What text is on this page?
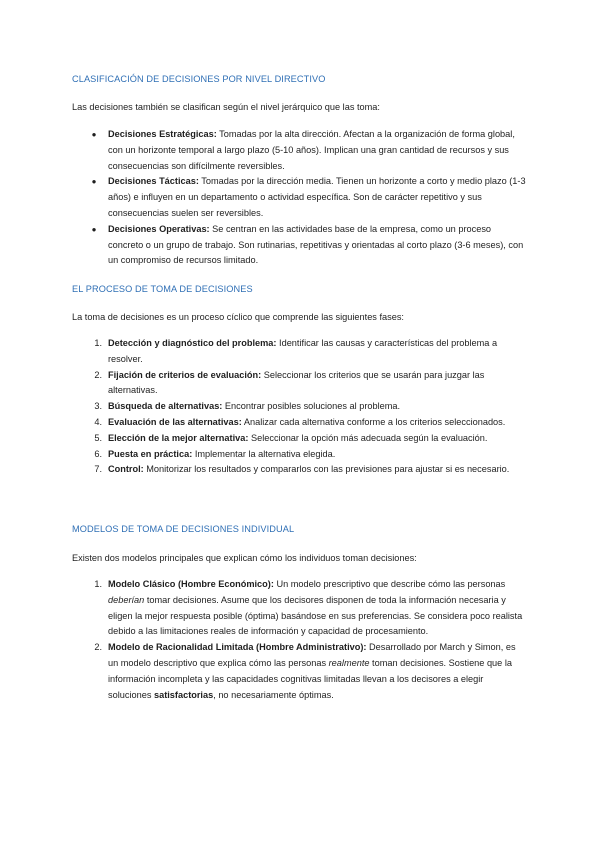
CLASIFICACIÓN DE DECISIONES POR NIVEL DIRECTIVO
Las decisiones también se clasifican según el nivel jerárquico que las toma:
●	Decisiones Estratégicas: Tomadas por la alta dirección. Afectan a la organización de forma global, con un horizonte temporal a largo plazo (5-10 años). Implican una gran cantidad de recursos y sus consecuencias son difícilmente reversibles.
●	Decisiones Tácticas: Tomadas por la dirección media. Tienen un horizonte a corto y medio plazo (1-3 años) e influyen en un departamento o actividad específica. Son de carácter repetitivo y sus consecuencias suelen ser reversibles.
●	Decisiones Operativas: Se centran en las actividades base de la empresa, como un proceso concreto o un grupo de trabajo. Son rutinarias, repetitivas y orientadas al corto plazo (3-6 meses), con un compromiso de recursos limitado.
EL PROCESO DE TOMA DE DECISIONES
La toma de decisiones es un proceso cíclico que comprende las siguientes fases:
1. Detección y diagnóstico del problema: Identificar las causas y características del problema a resolver.
2. Fijación de criterios de evaluación: Seleccionar los criterios que se usarán para juzgar las alternativas.
3. Búsqueda de alternativas: Encontrar posibles soluciones al problema.
4. Evaluación de las alternativas: Analizar cada alternativa conforme a los criterios seleccionados.
5. Elección de la mejor alternativa: Seleccionar la opción más adecuada según la evaluación.
6. Puesta en práctica: Implementar la alternativa elegida.
7. Control: Monitorizar los resultados y compararlos con las previsiones para ajustar si es necesario.
MODELOS DE TOMA DE DECISIONES INDIVIDUAL
Existen dos modelos principales que explican cómo los individuos toman decisiones:
1. Modelo Clásico (Hombre Económico): Un modelo prescriptivo que describe cómo las personas deberían tomar decisiones. Asume que los decisores disponen de toda la información necesaria y eligen la mejor respuesta posible (óptima) basándose en sus preferencias. Se considera poco realista debido a las limitaciones reales de información y capacidad de procesamiento.
2. Modelo de Racionalidad Limitada (Hombre Administrativo): Desarrollado por March y Simon, es un modelo descriptivo que explica cómo las personas realmente toman decisiones. Sostiene que la información incompleta y las capacidades cognitivas limitadas llevan a los decisores a elegir soluciones satisfactorias, no necesariamente óptimas.
